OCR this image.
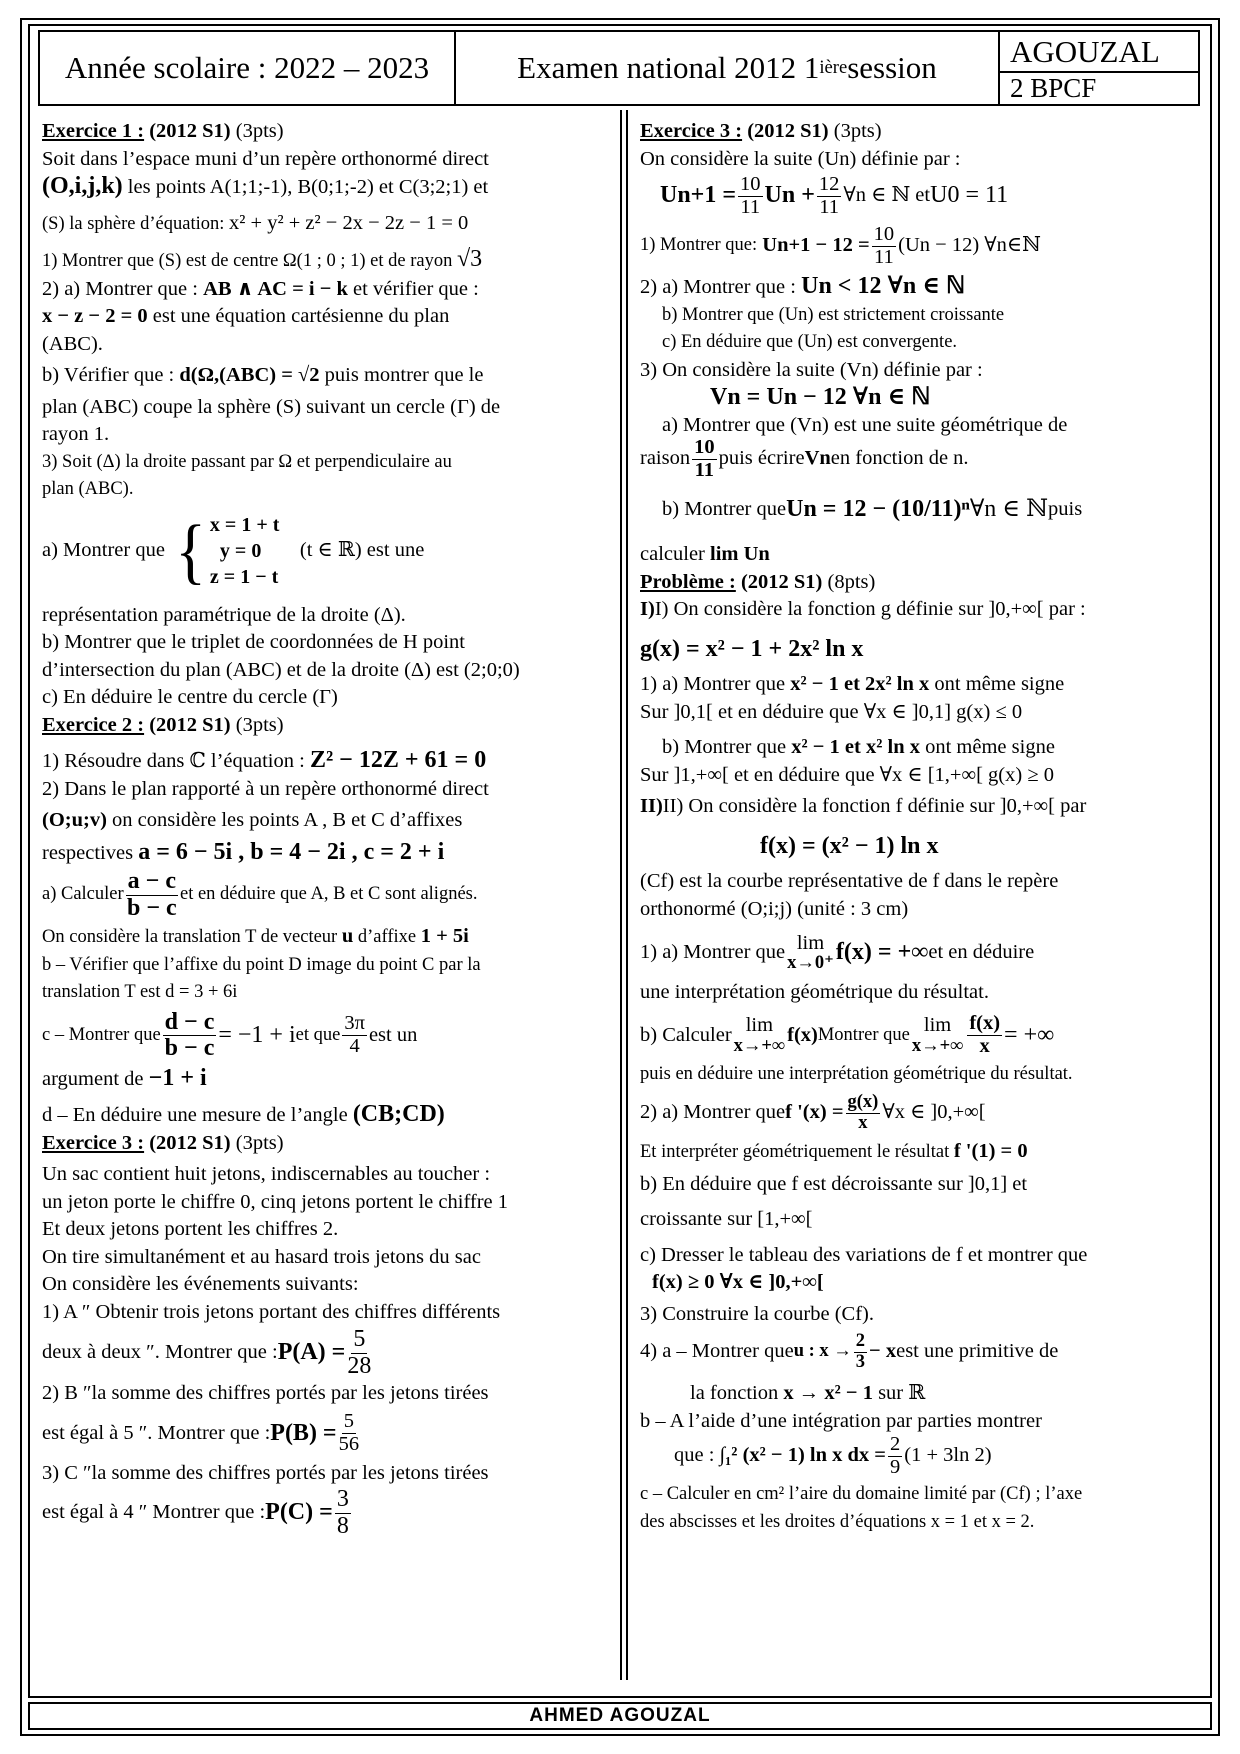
Année scolaire : 2022 – 2023	Examen national 2012 1 ière session	AGOUZAL
2 BPCF
Exercice 1 : (2012 S1) (3pts)
Soit dans l’espace muni d’un repère orthonormé direct
(O,i,j,k) les points A(1;1;-1), B(0;1;-2) et C(3;2;1) et
(S) la sphère d’équation: x² + y² + z² − 2x − 2z − 1 = 0
1) Montrer que (S) est de centre Ω(1 ; 0 ; 1) et de rayon √3
2) a) Montrer que : AB ∧ AC = i − k et vérifier que :
x − z − 2 = 0 est une équation cartésienne du plan
(ABC).
b) Vérifier que : d(Ω,(ABC) = √2 puis montrer que le
plan (ABC) coupe la sphère (S) suivant un cercle (Γ) de
rayon 1.
3) Soit (Δ) la droite passant par Ω et perpendiculaire au
plan (ABC).
a) Montrer que
{ x = 1 + t
y = 0
z = 1 − t

(t ∈ ℝ) est une
représentation paramétrique de la droite (Δ).
b) Montrer que le triplet de coordonnées de H point
d’intersection du plan (ABC) et de la droite (Δ) est (2;0;0)
c) En déduire le centre du cercle (Γ)
Exercice 2 : (2012 S1) (3pts)
1) Résoudre dans ℂ l’équation : Z² − 12Z + 61 = 0
2) Dans le plan rapporté à un repère orthonormé direct
(O;u;v) on considère les points A , B et C d’affixes
respectives a = 6 − 5i , b = 4 − 2i , c = 2 + i
a) Calculer $\frac{a - c}{b - c}$ et en déduire que A, B et C sont alignés.
On considère la translation T de vecteur u d’affixe 1 + 5i
b – Vérifier que l’affixe du point D image du point C par la
translation T est d = 3 + 6i
c – Montrer que $\frac{d - c}{b - c} = -1 + i$ et que $\frac{3\pi}{4}$ est un
argument de −1 + i
d – En déduire une mesure de l’angle (CB;CD)
Exercice 3 : (2012 S1) (3pts)
Un sac contient huit jetons, indiscernables au toucher :
un jeton porte le chiffre 0, cinq jetons portent le chiffre 1
Et deux jetons portent les chiffres 2.
On tire simultanément et au hasard trois jetons du sac
On considère les événements suivants:
1) A ″ Obtenir trois jetons portant des chiffres différents
deux à deux ″. Montrer que : $P(A) = \frac{5}{28}$
2) B ″la somme des chiffres portés par les jetons tirées
est égal à 5 ″. Montrer que : $P(B) = \frac{5}{56}$
3) C ″la somme des chiffres portés par les jetons tirées
est égal à 4 ″ Montrer que : $P(C) = \frac{3}{8}$
Exercice 3 : (2012 S1) (3pts)
On considère la suite (Un) définie par :
$Un+1 = \frac{10}{11}$ $Un + \frac{12}{11}$ ∀n ∈ ℕ et U0 = 11
1) Montrer que:
$Un+1 - 12 = \frac{10}{11} (Un - 12)$ ∀n∈ℕ
2) a) Montrer que : Un < 12 ∀n ∈ ℕ
b) Montrer que (Un) est strictement croissante
c) En déduire que (Un) est convergente.
3) On considère la suite (Vn) définie par :
Vn = Un − 12 ∀n ∈ ℕ
a) Montrer que (Vn) est une suite géométrique de
raison $\frac{10}{11}$ puis écrire Vn en fonction de n.
b) Montrer que Un = 12 − (10/11)ⁿ ∀n ∈ ℕ puis
calculer lim Un
Problème : (2012 S1) (8pts)
I)I) On considère la fonction g définie sur ]0,+∞[ par :
g(x) = x² − 1 + 2x² ln x
1) a) Montrer que x² − 1 et 2x² ln x ont même signe
Sur ]0,1[ et en déduire que ∀x ∈ ]0,1] g(x) ≤ 0
b) Montrer que x² − 1 et x² ln x ont même signe
Sur ]1,+∞[ et en déduire que ∀x ∈ [1,+∞[ g(x) ≥ 0
II)II) On considère la fonction f définie sur ]0,+∞[ par
f(x) = (x² − 1) ln x
(Cf) est la courbe représentative de f dans le repère
orthonormé (O;i;j) (unité : 3 cm)
1) a) Montrer que lim
x→0⁺ f(x) = +∞ et en déduire
une interprétation géométrique du résultat.
b) Calculer lim
x→+∞ f(x) Montrer que lim
$x\to+\infty \frac{f(x)}{x}$ = +∞
puis en déduire une interprétation géométrique du résultat.
2) a) Montrer que f '$(x) = \frac{g(x)}{x}$ ∀x ∈ ]0,+∞[
Et interpréter géométriquement le résultat f '(1) = 0
b) En déduire que f est décroissante sur ]0,1] et
croissante sur [1,+∞[
c) Dresser le tableau des variations de f et montrer que
f(x) ≥ 0 ∀x ∈ ]0,+∞[
3) Construire la courbe (Cf).
4) a – Montrer que u : $x \to \frac{2}{3} - x$ est une primitive de
la fonction x → x² − 1 sur ℝ
b – A l’aide d’une intégration par parties montrer
que :
∫₁² (x² − 1) ln x dx = $\frac{2}{9} (1 + 3\ln$ 2)
c – Calculer en cm² l’aire du domaine limité par (Cf) ; l’axe
des abscisses et les droites d’équations x = 1 et x = 2.
AHMED AGOUZAL
